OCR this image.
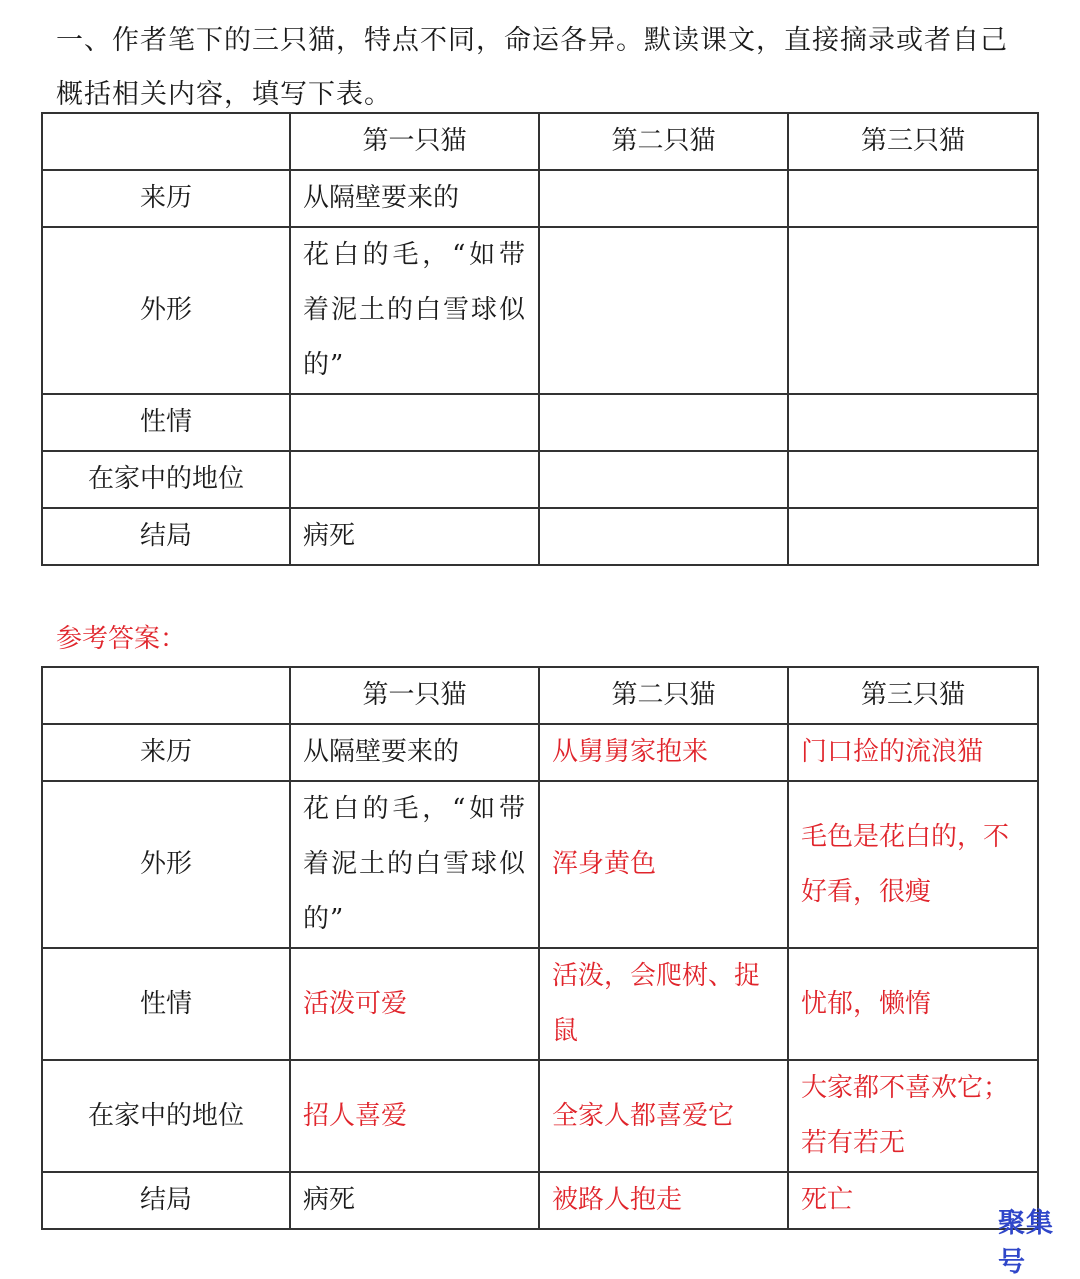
一、作者笔下的三只猫，特点不同，命运各异。默读课文，直接摘录或者自己
概括相关内容，填写下表。
	第一只猫	第二只猫	第三只猫
来历	从隔壁要来的		
外形	花白的毛，“如带着泥土的白雪球似的”		
性情			
在家中的地位			
结局	病死		
参考答案：
	第一只猫	第二只猫	第三只猫
来历	从隔壁要来的	从舅舅家抱来	门口捡的流浪猫
外形	花白的毛，“如带着泥土的白雪球似的”	浑身黄色	毛色是花白的，不好看，很瘦
性情	活泼可爱	活泼，会爬树、捉鼠	忧郁，懒惰
在家中的地位	招人喜爱	全家人都喜爱它	大家都不喜欢它；若有若无
结局	病死	被路人抱走	死亡
聚集号
